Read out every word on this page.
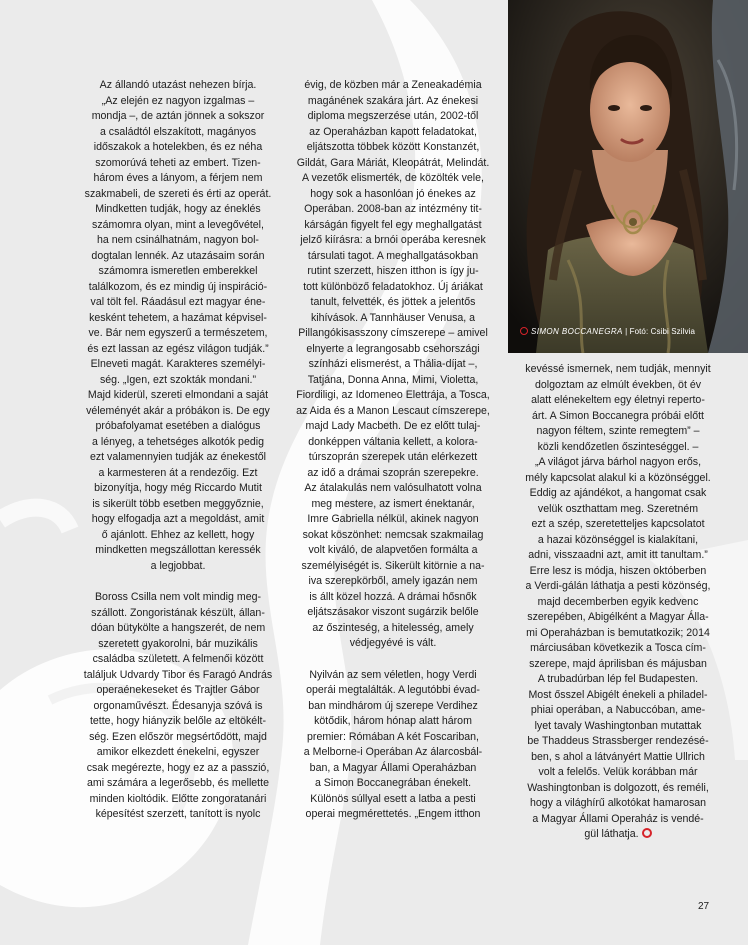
Az állandó utazást nehezen bírja.
„Az elején ez nagyon izgalmas –
mondja –, de aztán jönnek a sokszor
a családtól elszakított, magányos
időszakok a hotelekben, és ez néha
szomorúvá teheti az embert. Tizen-
három éves a lányom, a férjem nem
szakmabeli, de szereti és érti az operát.
Mindketten tudják, hogy az éneklés
számomra olyan, mint a levegővétel,
ha nem csinálhatnám, nagyon bol-
dogtalan lennék. Az utazásaim során
számomra ismeretlen emberekkel
találkozom, és ez mindig új inspiráció-
val tölt fel. Ráadásul ezt magyar éne-
kesként tehetem, a hazámat képvisel-
ve. Bár nem egyszerű a természetem,
és ezt lassan az egész világon tudják.”
Elneveti magát. Karakteres személyi-
ség. „Igen, ezt szokták mondani.”
Majd kiderül, szereti elmondani a saját
véleményét akár a próbákon is. De egy
próbafolyamat esetében a dialógus
a lényeg, a tehetséges alkotók pedig
ezt valamennyien tudják az énekestől
a karmesteren át a rendezőig. Ezt
bizonyítja, hogy még Riccardo Mutit
is sikerült több esetben meggyőznie,
hogy elfogadja azt a megoldást, amit
ő ajánlott. Ehhez az kellett, hogy
mindketten megszállottan keressék
a legjobbat.

Boross Csilla nem volt mindig meg-
szállott. Zongoristának készült, állan-
dóan bütykölte a hangszerét, de nem
szeretett gyakorolni, bár muzikális
családba született. A felmenői között
találjuk Udvardy Tibor és Faragó András
operaénekeseket és Trajtler Gábor
orgonaművészt. Édesanyja szóvá is
tette, hogy hiányzik belőle az eltökélt-
ség. Ezen először megsértődött, majd
amikor elkezdett énekelni, egyszer
csak megérezte, hogy ez az a passzió,
ami számára a legerősebb, és mellette
minden kioltódik. Előtte zongoratanári
képesítést szerzett, tanított is nyolc

évig, de közben már a Zeneakadémia
magánének szakára járt. Az énekesi
diploma megszerzése után, 2002-től
az Operaházban kapott feladatokat,
eljátszotta többek között Konstanzét,
Gildát, Gara Máriát, Kleopátrát, Melindát.
A vezetők elismerték, de közölték vele,
hogy sok a hasonlóan jó énekes az
Operában. 2008-ban az intézmény tit-
kárságán figyelt fel egy meghallgatást
jelző kiírásra: a brnói operába keresnek
társulati tagot. A meghallgatásokban
rutint szerzett, hiszen itthon is így ju-
tott különböző feladatokhoz. Új áriákat
tanult, felvették, és jöttek a jelentős
kihívások. A Tannhäuser Venusa, a
Pillangókisasszony címszerepe – amivel
elnyerte a legrangosabb csehországi
színházi elismerést, a Thália-díjat –,
Tatjána, Donna Anna, Mimi, Violetta,
Fiordiligi, az Idomeneo Elettrája, a Tosca,
az Aida és a Manon Lescaut címszerepe,
majd Lady Macbeth. De ez előtt tulaj-
donképpen váltania kellett, a kolora-
túrszoprán szerepek után elérkezett
az idő a drámai szoprán szerepekre.
Az átalakulás nem valósulhatott volna
meg mestere, az ismert énektanár,
Imre Gabriella nélkül, akinek nagyon
sokat köszönhet: nemcsak szakmailag
volt kiváló, de alapvetően formálta a
személyiségét is. Sikerült kitörnie a na-
iva szerepkörből, amely igazán nem
is állt közel hozzá. A drámai hősnők
eljátszásakor viszont sugárzik belőle
az őszinteség, a hitelesség, amely
védjegyévé is vált.

Nyilván az sem véletlen, hogy Verdi
operái megtalálták. A legutóbbi évad-
ban mindhárom új szerepe Verdihez
kötődik, három hónap alatt három
premier: Rómában A két Foscariban,
a Melborne-i Operában Az álarcosbál-
ban, a Magyar Állami Operaházban
a Simon Boccanegrában énekelt.
Különös súllyal esett a latba a pesti
operai megmérettetés. „Engem itthon

SIMON BOCCANEGRA | Fotó: Csibi Szilvia

kevéssé ismernek, nem tudják, mennyit
dolgoztam az elmúlt években, öt év
alatt elénekeltem egy életnyi reperto-
árt. A Simon Boccanegra próbái előtt
nagyon féltem, szinte remegtem” –
közli kendőzetlen őszinteséggel. –
„A világot járva bárhol nagyon erős,
mély kapcsolat alakul ki a közönséggel.
Eddig az ajándékot, a hangomat csak
velük oszthattam meg. Szeretném
ezt a szép, szeretetteljes kapcsolatot
a hazai közönséggel is kialakítani,
adni, visszaadni azt, amit itt tanultam.”
Erre lesz is módja, hiszen októberben
a Verdi-gálán láthatja a pesti közönség,
majd decemberben egyik kedvenc
szerepében, Abigélként a Magyar Álla-
mi Operaházban is bemutatkozik; 2014
márciusában következik a Tosca cím-
szerepe, majd áprilisban és májusban
A trubadúrban lép fel Budapesten.
Most ősszel Abigélt énekeli a philadel-
phiai operában, a Nabuccóban, ame-
lyet tavaly Washingtonban mutattak
be Thaddeus Strassberger rendezésé-
ben, s ahol a látványért Mattie Ullrich
volt a felelős. Velük korábban már
Washingtonban is dolgozott, és reméli,
hogy a világhírű alkotókat hamarosan
a Magyar Állami Operaház is vendé-
gül láthatja.

27
